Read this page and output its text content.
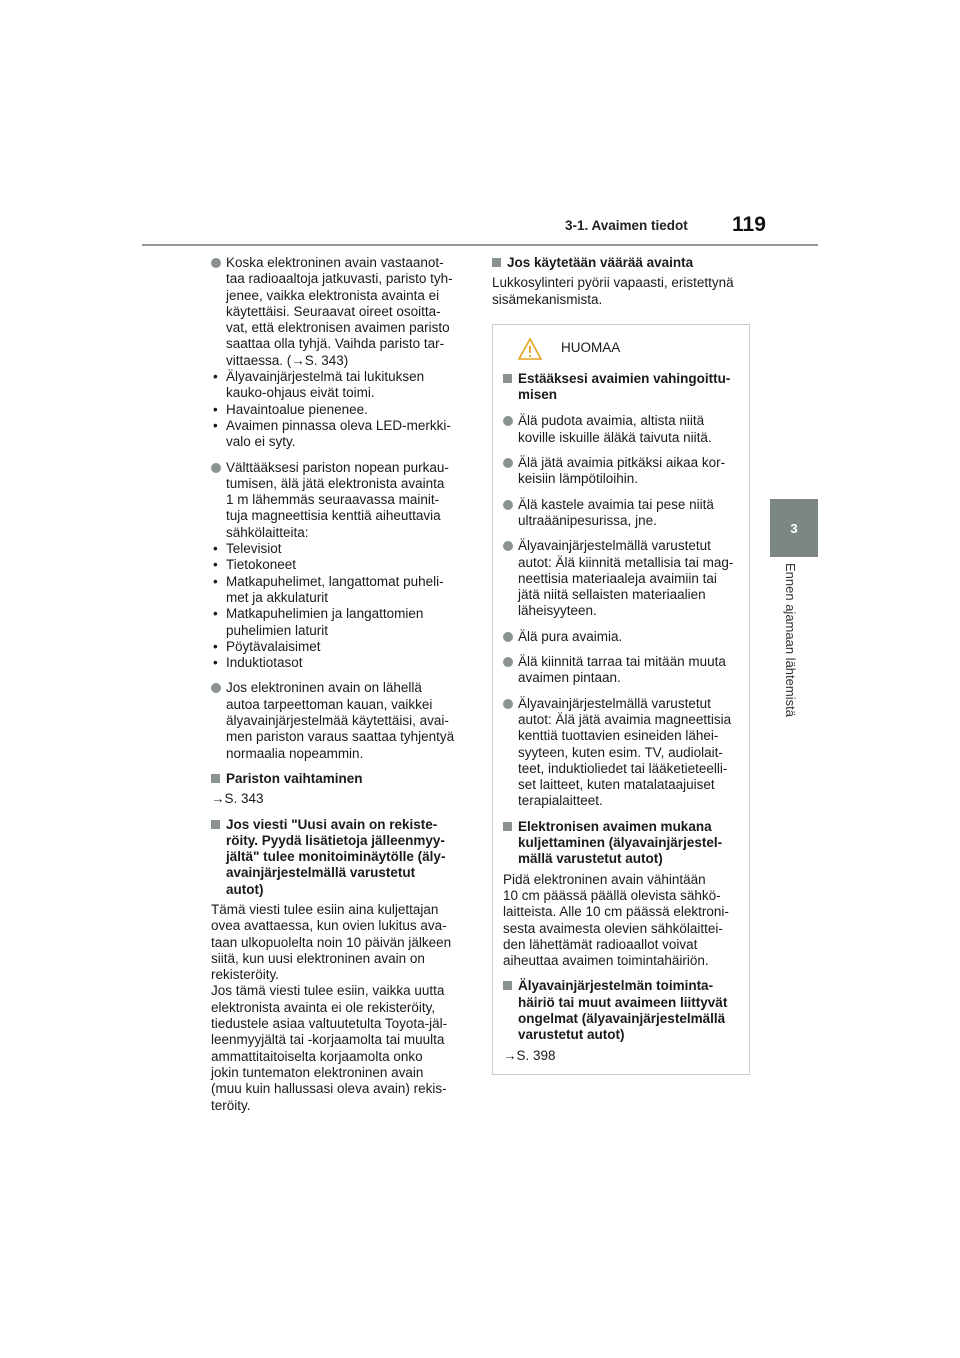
3-1. Avaimen tiedot 119
3
Ennen ajamaan lähtemistä
Koska elektroninen avain vastaanot-
taa radioaaltoja jatkuvasti, paristo tyh-
jenee, vaikka elektronista avainta ei
käytettäisi. Seuraavat oireet osoitta-
vat, että elektronisen avaimen paristo
saattaa olla tyhjä. Vaihda paristo tar-
vittaessa. (→S. 343)
• Älyavainjärjestelmä tai lukituksen
kauko-ohjaus eivät toimi.
• Havaintoalue pienenee.
• Avaimen pinnassa oleva LED-merkki-
valo ei syty.
Välttääksesi pariston nopean purkau-
tumisen, älä jätä elektronista avainta
1 m lähemmäs seuraavassa mainit-
tuja magneettisia kenttiä aiheuttavia
sähkölaitteita:
• Televisiot
• Tietokoneet
• Matkapuhelimet, langattomat puheli-
met ja akkulaturit
• Matkapuhelimien ja langattomien
puhelimien laturit
• Pöytävalaisimet
• Induktiotasot
Jos elektroninen avain on lähellä
autoa tarpeettoman kauan, vaikkei
älyavainjärjestelmää käytettäisi, avai-
men pariston varaus saattaa tyhjentyä
normaalia nopeammin.
Pariston vaihtaminen
→S. 343
Jos viesti "Uusi avain on rekiste-
röity. Pyydä lisätietoja jälleenmyy-
jältä" tulee monitoiminäytölle (äly-
avainjärjestelmällä varustetut
autot)
Tämä viesti tulee esiin aina kuljettajan
ovea avattaessa, kun ovien lukitus ava-
taan ulkopuolelta noin 10 päivän jälkeen
siitä, kun uusi elektroninen avain on
rekisteröity.
Jos tämä viesti tulee esiin, vaikka uutta
elektronista avainta ei ole rekisteröity,
tiedustele asiaa valtuutetulta Toyota-jäl-
leenmyyjältä tai -korjaamolta tai muulta
ammattitaitoiselta korjaamolta onko
jokin tuntematon elektroninen avain
(muu kuin hallussasi oleva avain) rekis-
teröity.
Jos käytetään väärää avainta
Lukkosylinteri pyörii vapaasti, eristettynä
sisämekanismista.
HUOMAA
Estääksesi avaimien vahingoittu-
misen
Älä pudota avaimia, altista niitä
koville iskuille äläkä taivuta niitä.
Älä jätä avaimia pitkäksi aikaa kor-
keisiin lämpötiloihin.
Älä kastele avaimia tai pese niitä
ultraäänipesurissa, jne.
Älyavainjärjestelmällä varustetut
autot: Älä kiinnitä metallisia tai mag-
neettisia materiaaleja avaimiin tai
jätä niitä sellaisten materiaalien
läheisyyteen.
Älä pura avaimia.
Älä kiinnitä tarraa tai mitään muuta
avaimen pintaan.
Älyavainjärjestelmällä varustetut
autot: Älä jätä avaimia magneettisia
kenttiä tuottavien esineiden lähei-
syyteen, kuten esim. TV, audiolait-
teet, induktioliedet tai lääketieteelli-
set laitteet, kuten matalataajuiset
terapialaitteet.
Elektronisen avaimen mukana
kuljettaminen (älyavainjärjestel-
mällä varustetut autot)
Pidä elektroninen avain vähintään
10 cm päässä päällä olevista sähkö-
laitteista. Alle 10 cm päässä elektroni-
sesta avaimesta olevien sähkölaittei-
den lähettämät radioaallot voivat
aiheuttaa avaimen toimintahäiriön.
Älyavainjärjestelmän toiminta-
häiriö tai muut avaimeen liittyvät
ongelmat (älyavainjärjestelmällä
varustetut autot)
→S. 398
